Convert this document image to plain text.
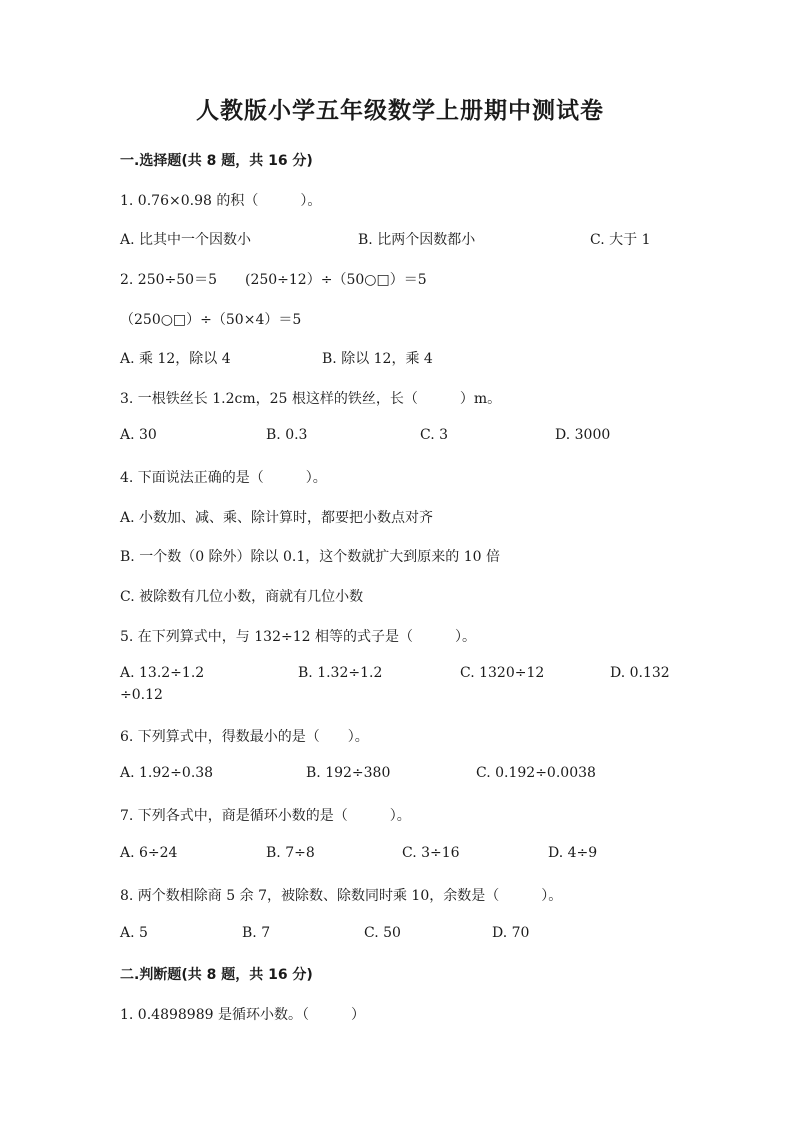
人教版小学五年级数学上册期中测试卷
一.选择题(共 8 题，共 16 分)
1. 0.76×0.98 的积（　　　）。
A. 比其中一个因数小	B. 比两个因数都小	C. 大于 1
2. 250÷50＝5　　(250÷12）÷（50○□）＝5
（250○□）÷（50×4）＝5
A. 乘 12，除以 4	B. 除以 12，乘 4
3. 一根铁丝长 1.2cm，25 根这样的铁丝，长（　　　）m。
A. 30	B. 0.3	C. 3	D. 3000
4. 下面说法正确的是（　　　）。
A. 小数加、减、乘、除计算时，都要把小数点对齐
B. 一个数（0 除外）除以 0.1，这个数就扩大到原来的 10 倍
C. 被除数有几位小数，商就有几位小数
5. 在下列算式中，与 132÷12 相等的式子是（　　　）。
A. 13.2÷1.2	B. 1.32÷1.2	C. 1320÷12	D. 0.132
÷0.12
6. 下列算式中，得数最小的是（　　）。
A. 1.92÷0.38	B. 192÷380	C. 0.192÷0.0038
7. 下列各式中，商是循环小数的是（　　　）。
A. 6÷24	B. 7÷8	C. 3÷16	D. 4÷9
8. 两个数相除商 5 余 7，被除数、除数同时乘 10，余数是（　　　）。
A. 5	B. 7	C. 50	D. 70
二.判断题(共 8 题，共 16 分)
1. 0.4898989 是循环小数。（　　　）
